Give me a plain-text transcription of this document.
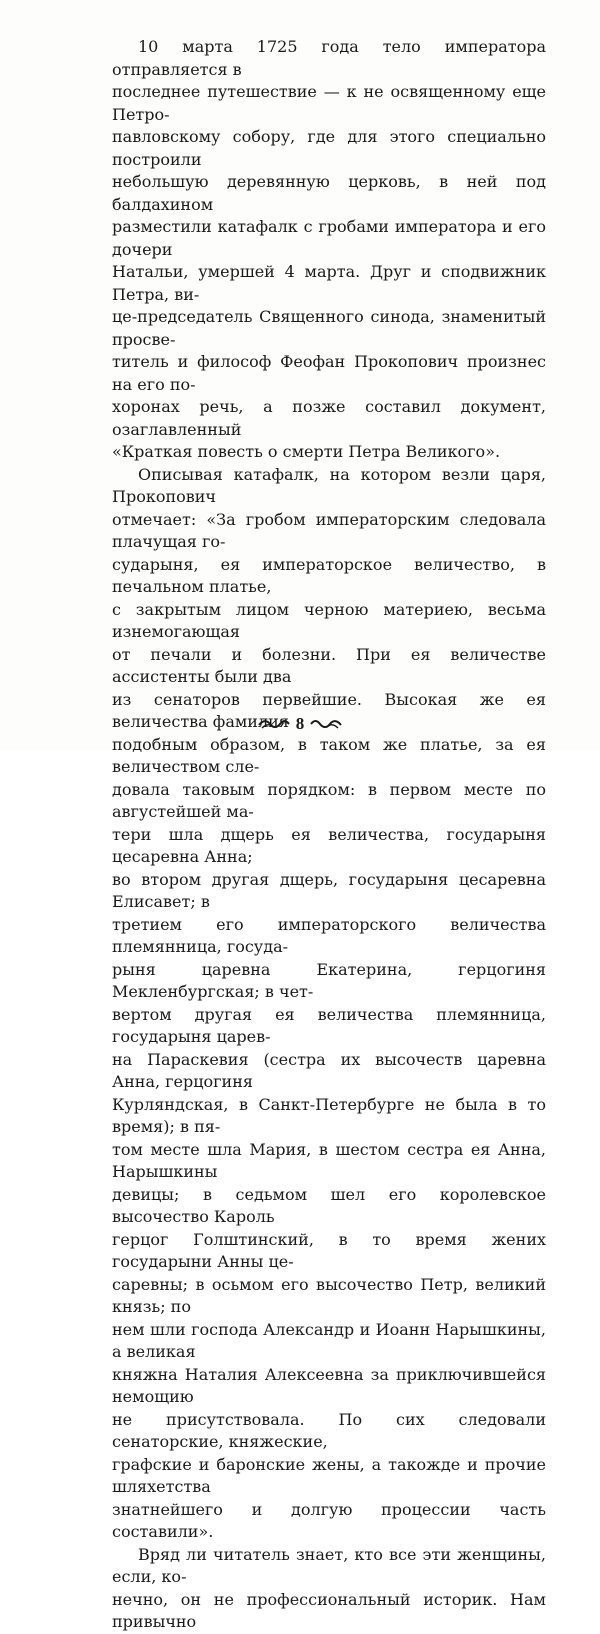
10 марта 1725 года тело императора отправляется в
последнее путешествие — к не освященному еще Петро-
павловскому собору, где для этого специально построили
небольшую деревянную церковь, в ней под балдахином
разместили катафалк с гробами императора и его дочери
Натальи, умершей 4 марта. Друг и сподвижник Петра, ви-
це-председатель Священного синода, знаменитый просве-
титель и философ Феофан Прокопович произнес на его по-
хоронах речь, а позже составил документ, озаглавленный
«Краткая повесть о смерти Петра Великого».

Описывая катафалк, на котором везли царя, Прокопович
отмечает: «За гробом императорским следовала плачущая го-
сударыня, ея императорское величество, в печальном платье,
с закрытым лицом черною материею, весьма изнемогающая
от печали и болезни. При ея величестве ассистенты были два
из сенаторов первейшие. Высокая же ея величества фамилия
подобным образом, в таком же платье, за ея величеством сле-
довала таковым порядком: в первом месте по августейшей ма-
тери шла дщерь ея величества, государыня цесаревна Анна;
во втором другая дщерь, государыня цесаревна Елисавет; в
третием его императорского величества племянница, госуда-
рыня царевна Екатерина, герцогиня Мекленбургская; в чет-
вертом другая ея величества племянница, государыня царев-
на Параскевия (сестра их высочеств царевна Анна, герцогиня
Курляндская, в Санкт-Петербурге не была в то время); в пя-
том месте шла Мария, в шестом сестра ея Анна, Нарышкины
девицы; в седьмом шел его королевское высочество Кароль
герцог Голштинский, в то время жених государыни Анны це-
саревны; в осьмом его высочество Петр, великий князь; по
нем шли господа Александр и Иоанн Нарышкины, а великая
княжна Наталия Алексеевна за приключившейся немощию
не присутствовала. По сих следовали сенаторские, княжеские,
графские и баронские жены, а такожде и прочие шляхетства
знатнейшего и долгую процессии часть составили».

Вряд ли читатель знает, кто все эти женщины, если, ко-
нечно, он не профессиональный историк. Нам привычно

8
